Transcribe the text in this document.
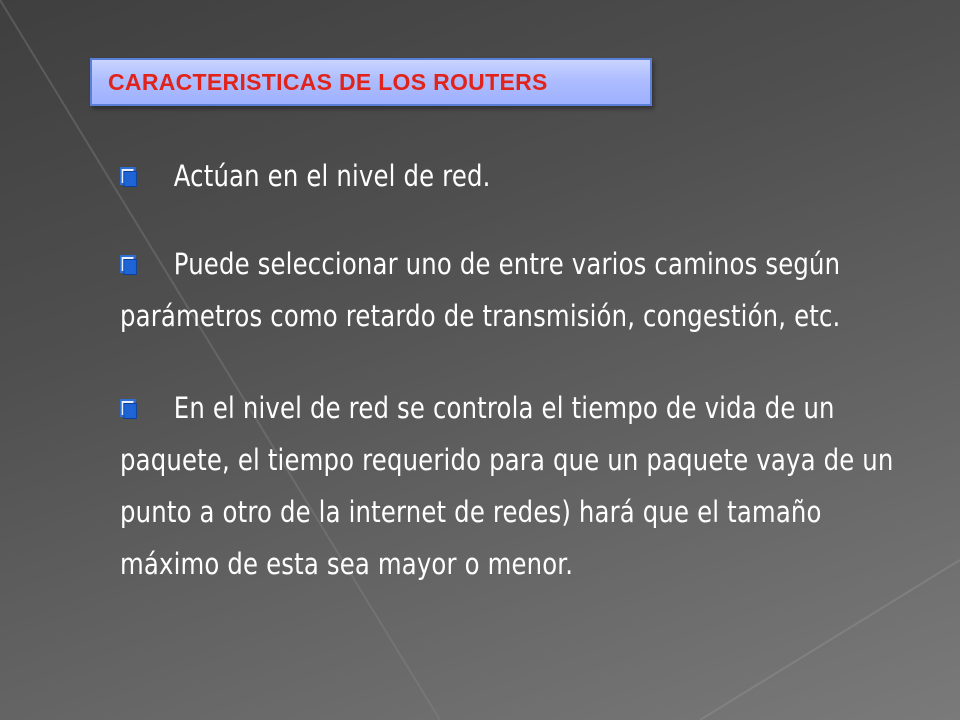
CARACTERISTICAS DE LOS ROUTERS

Actúan en el nivel de red.

Puede seleccionar uno de entre varios caminos según parámetros como retardo de transmisión, congestión, etc.

En el nivel de red se controla el tiempo de vida de un paquete, el tiempo requerido para que un paquete vaya de un punto a otro de la internet de redes) hará que el tamaño máximo de esta sea mayor o menor.
